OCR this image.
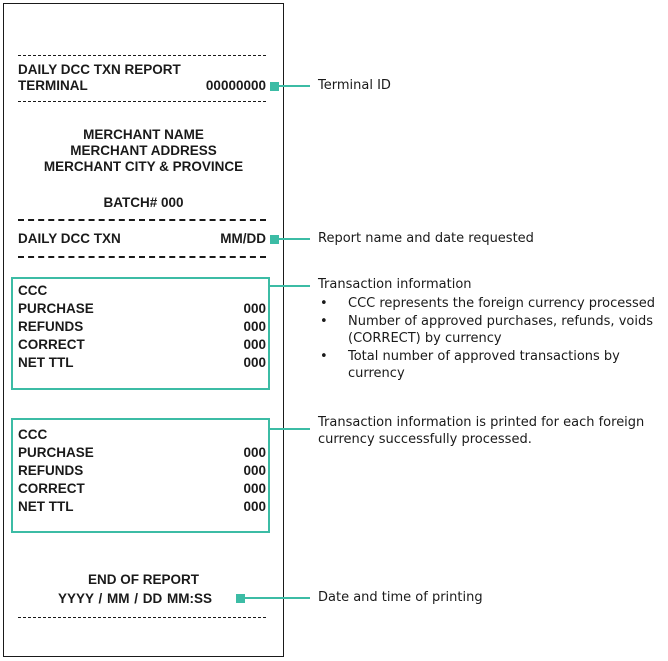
DAILY DCC TXN REPORT
TERMINAL	00000000
MERCHANT NAME
MERCHANT ADDRESS
MERCHANT CITY & PROVINCE
BATCH# 000
DAILY DCC TXN	MM/DD
CCC
PURCHASE	000
REFUNDS	000
CORRECT	000
NET TTL	000
CCC
PURCHASE	000
REFUNDS	000
CORRECT	000
NET TTL	000
END OF REPORT
YYYY / MM / DD MM:SS
Terminal ID
Report name and date requested
Transaction information
• CCC represents the foreign currency processed
• Number of approved purchases, refunds, voids (CORRECT) by currency
• Total number of approved transactions by currency
Transaction information is printed for each foreign currency successfully processed.
Date and time of printing
